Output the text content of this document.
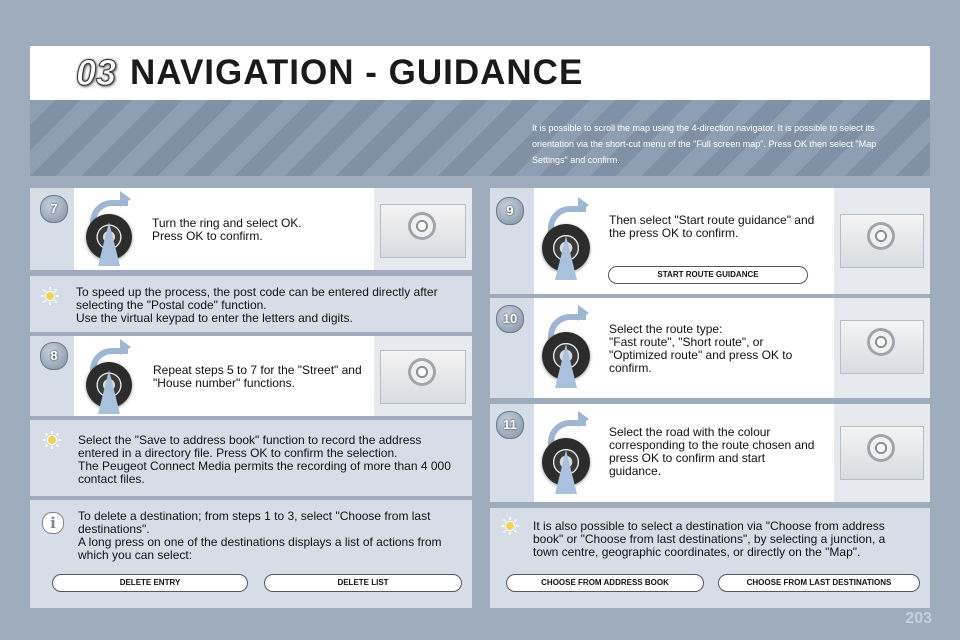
03 NAVIGATION - GUIDANCE
It is possible to scroll the map using the 4-direction navigator. It is possible to select its orientation via the short-cut menu of the "Full screen map". Press OK then select "Map Settings" and confirm.
7
Turn the ring and select OK.
Press OK to confirm.
To speed up the process, the post code can be entered directly after selecting the "Postal code" function.
Use the virtual keypad to enter the letters and digits.
8
Repeat steps 5 to 7 for the "Street" and "House number" functions.
Select the "Save to address book" function to record the address entered in a directory file. Press OK to confirm the selection.
The Peugeot Connect Media permits the recording of more than 4 000 contact files.
i	To delete a destination; from steps 1 to 3, select "Choose from last destinations".
A long press on one of the destinations displays a list of actions from which you can select:
DELETE ENTRY	DELETE LIST
9
Then select "Start route guidance" and the press OK to confirm.
START ROUTE GUIDANCE
10
Select the route type:
"Fast route", "Short route", or "Optimized route" and press OK to confirm.
11	Select the road with the colour corresponding to the route chosen and press OK to confirm and start guidance.
It is also possible to select a destination via "Choose from address book" or "Choose from last destinations", by selecting a junction, a town centre, geographic coordinates, or directly on the "Map".
CHOOSE FROM ADDRESS BOOK	CHOOSE FROM LAST DESTINATIONS
203
